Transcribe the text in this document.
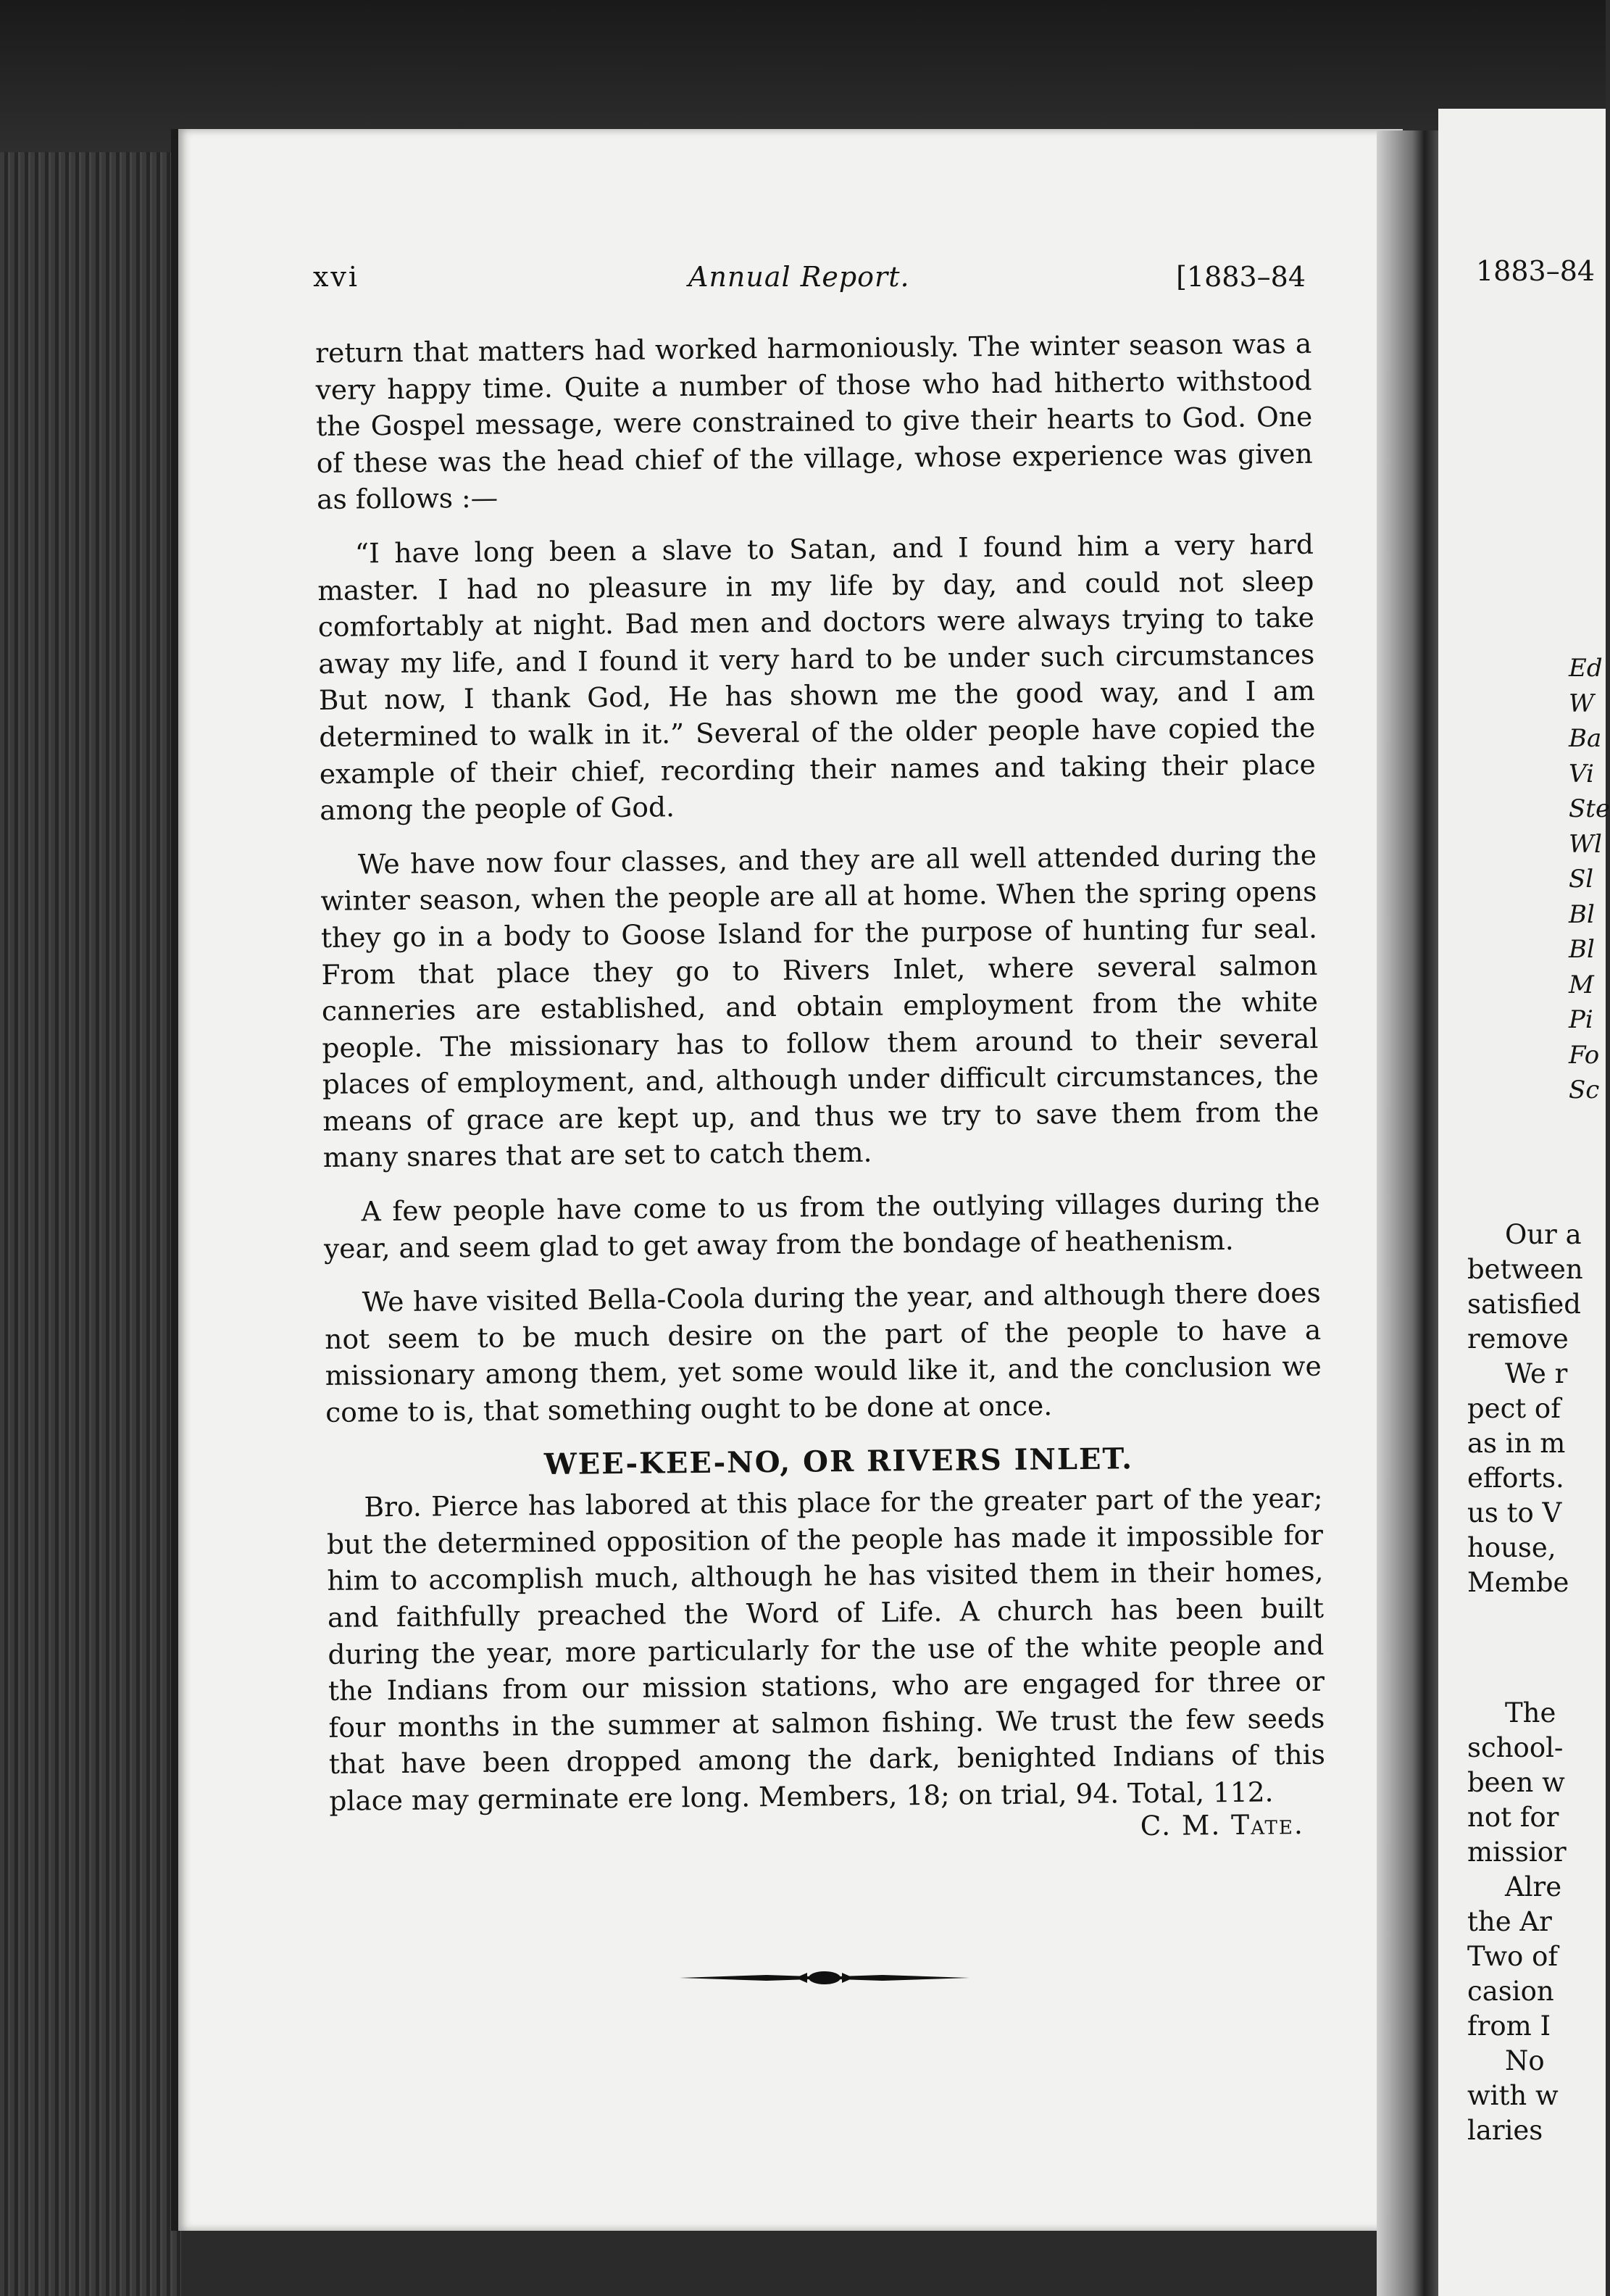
xvi	Annual Report.	[1883–84

return that matters had worked harmoniously. The winter season was a very happy time. Quite a number of those who had hitherto withstood the Gospel message, were constrained to give their hearts to God. One of these was the head chief of the village, whose experience was given as follows :—

“I have long been a slave to Satan, and I found him a very hard master. I had no pleasure in my life by day, and could not sleep comfortably at night. Bad men and doctors were always trying to take away my life, and I found it very hard to be under such circumstances But now, I thank God, He has shown me the good way, and I am determined to walk in it.” Several of the older people have copied the example of their chief, recording their names and taking their place among the people of God.

We have now four classes, and they are all well attended during the winter season, when the people are all at home. When the spring opens they go in a body to Goose Island for the purpose of hunting fur seal. From that place they go to Rivers Inlet, where several salmon canneries are established, and obtain employment from the white people. The missionary has to follow them around to their several places of employment, and, although under difficult circumstances, the means of grace are kept up, and thus we try to save them from the many snares that are set to catch them.

A few people have come to us from the outlying villages during the year, and seem glad to get away from the bondage of heathenism.

We have visited Bella-Coola during the year, and although there does not seem to be much desire on the part of the people to have a missionary among them, yet some would like it, and the conclusion we come to is, that something ought to be done at once.

WEE-KEE-NO, OR RIVERS INLET.

Bro. Pierce has labored at this place for the greater part of the year; but the determined opposition of the people has made it impossible for him to accomplish much, although he has visited them in their homes, and faithfully preached the Word of Life. A church has been built during the year, more particularly for the use of the white people and the Indians from our mission stations, who are engaged for three or four months in the summer at salmon fishing. We trust the few seeds that have been dropped among the dark, benighted Indians of this place may germinate ere long. Members, 18; on trial, 94. Total, 112.

C. M. Tate.
1883–84
Ed
W
Ba
Vi
Ste
Wl
Sl
Bl
Bl
M
Pi
Fo
Sc
Our a
between
satisfied
remove
We r
pect of
as in m
efforts.
us to V
house,
Membe
The
school-
been w
not for
missior
Alre
the Ar
Two of
casion
from I
No
with w
laries
